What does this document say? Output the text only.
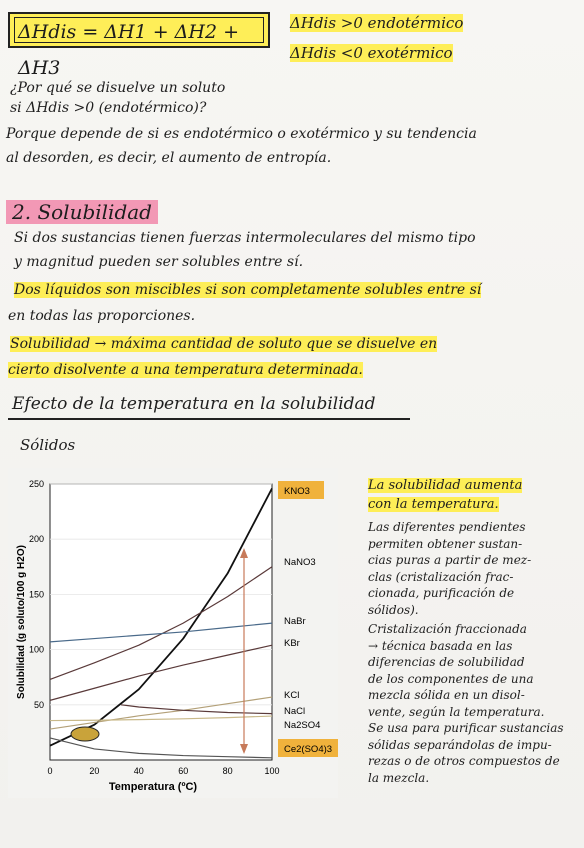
ΔHdis = ΔH1 + ΔH2 + ΔH3
ΔHdis >0 endotérmico
ΔHdis <0 exotérmico
¿Por qué se disuelve un soluto
si ΔHdis >0 (endotérmico)?
Porque depende de si es endotérmico o exotérmico y su tendencia
al desorden, es decir, el aumento de entropía.
2. Solubilidad
Si dos sustancias tienen fuerzas intermoleculares del mismo tipo
y magnitud pueden ser solubles entre sí.
Dos líquidos son miscibles si son completamente solubles entre sí
en todas las proporciones.
Solubilidad → máxima cantidad de soluto que se disuelve en
cierto disolvente a una temperatura determinada.
Efecto de la temperatura en la solubilidad
Sólidos
0	20	40	60	80	100
50
100
150
200
250
KNO3
NaNO3
NaBr
KBr
KCl
NaCl
Na2SO4
Ce2(SO4)3
Temperatura (ºC)
Solubilidad (g soluto/100 g H2O)
La solubilidad aumenta
con la temperatura.
Las diferentes pendientes
permiten obtener sustan-
cias puras a partir de mez-
clas (cristalización frac-
cionada, purificación de
sólidos).
Cristalización fraccionada
→ técnica basada en las
diferencias de solubilidad
de los componentes de una
mezcla sólida en un disol-
vente, según la temperatura.
Se usa para purificar sustancias
sólidas separándolas de impu-
rezas o de otros compuestos de
la mezcla.
